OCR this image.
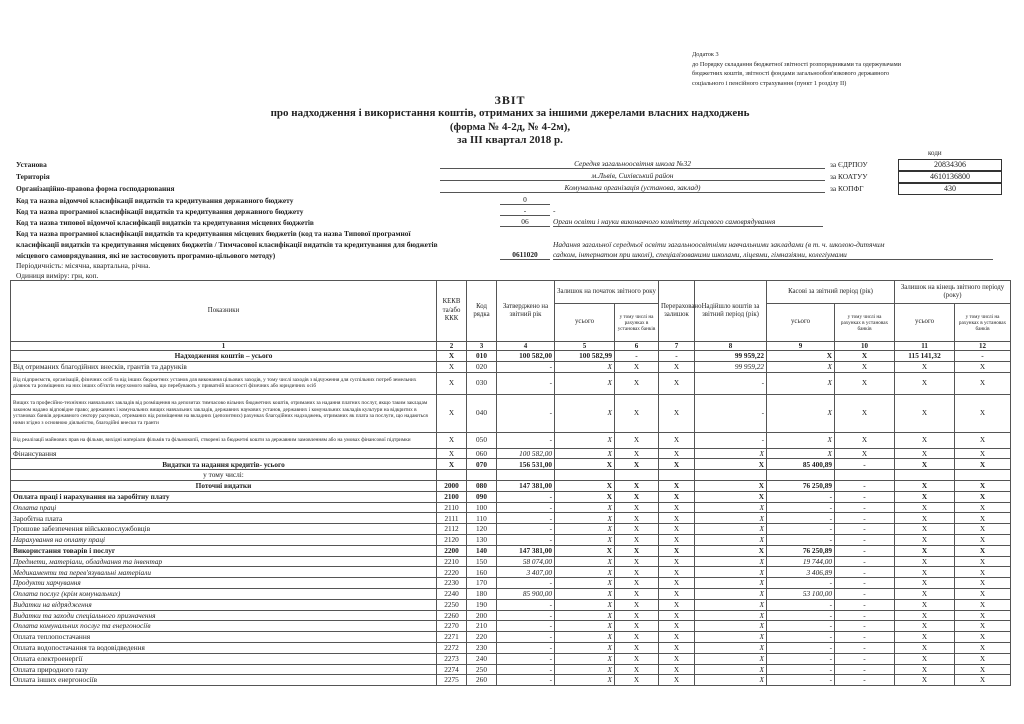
Додаток 3
до Порядку складання бюджетної звітності розпорядниками та одержувачами
бюджетних коштів, звітності фондами загальнообов'язкового державного
соціального і пенсійного страхування (пункт 1 розділу II)
ЗВІТ
про надходження і використання коштів, отриманих за іншими джерелами власних надходжень
(форма № 4-2д, № 4-2м),
за III квартал 2018 р.
коди
Установа	Середня загальноосвітня школа №32	за ЄДРПОУ	20834306
Територія	м.Львів, Сихівський район	за КОАТУУ	4610136800
Організаційно-правова форма господарювання	Комунальна організація (установа, заклад)	за КОПФГ	430
Код та назва відомчої класифікації видатків та кредитування державного бюджету	0
Код та назва програмної класифікації видатків та кредитування державного бюджету	-	-
Код та назва типової відомчої класифікації видатків та кредитування місцевих бюджетів	06	Орган освіти і науки виконавчого комітету місцевого самоврядування
Код та назва програмної класифікації видатків та кредитування місцевих бюджетів (код та назва Типової програмної
класифікації видатків та кредитування місцевих бюджетів / Тимчасової класифікації видатків та кредитування для бюджетів
місцевого самоврядування, які не застосовують програмно-цільового методу)	0611020
Надання загальної середньої освіти загальноосвітніми навчальними закладами (в т. ч. школою-дитячим
садком, інтернатом при школі), спеціалізованими школами, ліцеями, гімназіями, колегіумами
Періодичність: місячна, квартальна, річна.
Одиниця виміру: грн, коп.
Показники	КЕКВ та/або ККК	Код рядка	Затверджено на звітний рік	Залишок на початок звітного року		Перераховано залишок	Надійшло коштів за звітний період (рік)	Касові за звітний період (рік)		Залишок на кінець звітного періоду (року)	
				усього	у тому числі на рахунках в установах банків			усього	у тому числі на рахунках в установах банків	усього	у тому числі на рахунках в установах банків
1	2	3	4	5	6	7	8	9	10	11	12
Надходження коштів – усього	Х	010	100 582,00	100 582,99	-	-	99 959,22	Х	Х	115 141,32	-
Від отриманих благодійних внесків, грантів та дарунків	Х	020	-	Х	Х	Х	99 959,22	Х	Х	Х	Х
Від підприємств, організацій, фізичних осіб та від інших бюджетних установ для виконання цільових заходів, у тому числі заходів з відчуження для суспільних потреб земельних ділянок та розміщених на них інших об'єктів нерухомого майна, що перебувають у приватній власності фізичних або юридичних осіб	Х	030	-	Х	Х	Х	-	Х	Х	Х	Х
Вищих та професійно-технічних навчальних закладів від розміщення на депозитах тимчасово вільних бюджетних коштів, отриманих за надання платних послуг, якщо таким закладам законом надано відповідне право; державних і комунальних вищих навчальних закладів, державних наукових установ, державних і комунальних закладів культури на відкритих в установах банків державного сектору рахунках, отриманих від розміщення на вкладних (депозитних) рахунках благодійних надходжень, отриманих як плата за послуги, що надаються ними згідно з основною діяльністю, благодійні внески та гранти	Х	040	-	Х	Х	Х	-	Х	Х	Х	Х
Від реалізації майнових прав на фільми, вихідні матеріали фільмів та фільмокопії, створені за бюджетні кошти за державним замовленням або на умовах фінансової підтримки	Х	050	-	Х	Х	Х	-	Х	Х	Х	Х
Фінансування	Х	060	100 582,00	Х	Х	Х	Х	Х	Х	Х	Х
Видатки та надання кредитів- усього	Х	070	156 531,00	Х	Х	Х	Х	85 400,89	-	Х	Х
у тому числі:											
Поточні видатки	2000	080	147 381,00	Х	Х	Х	Х	76 250,89	-	Х	Х
Оплата праці і нарахування на заробітну плату	2100	090	-	Х	Х	Х	Х	-	-	Х	Х
Оплата праці	2110	100	-	Х	Х	Х	Х	-	-	Х	Х
Заробітна плата	2111	110	-	Х	Х	Х	Х	-	-	Х	Х
Грошове забезпечення військовослужбовців	2112	120	-	Х	Х	Х	Х	-	-	Х	Х
Нарахування на оплату праці	2120	130	-	Х	Х	Х	Х	-	-	Х	Х
Використання товарів і послуг	2200	140	147 381,00	Х	Х	Х	Х	76 250,89	-	Х	Х
Предмети, матеріали, обладнання та інвентар	2210	150	58 074,00	Х	Х	Х	Х	19 744,00	-	Х	Х
Медикаменти та перев'язувальні матеріали	2220	160	3 407,00	Х	Х	Х	Х	3 406,89	-	Х	Х
Продукти харчування	2230	170	-	Х	Х	Х	Х	-	-	Х	Х
Оплата послуг (крім комунальних)	2240	180	85 900,00	Х	Х	Х	Х	53 100,00	-	Х	Х
Видатки на відрядження	2250	190	-	Х	Х	Х	Х	-	-	Х	Х
Видатки та заходи спеціального призначення	2260	200	-	Х	Х	Х	Х	-	-	Х	Х
Оплата комунальних послуг та енергоносіїв	2270	210	-	Х	Х	Х	Х	-	-	Х	Х
Оплата теплопостачання	2271	220	-	Х	Х	Х	Х	-	-	Х	Х
Оплата водопостачання та водовідведення	2272	230	-	Х	Х	Х	Х	-	-	Х	Х
Оплата електроенергії	2273	240	-	Х	Х	Х	Х	-	-	Х	Х
Оплата природного газу	2274	250	-	Х	Х	Х	Х	-	-	Х	Х
Оплата інших енергоносіїв	2275	260	-	Х	Х	Х	Х	-	-	Х	Х
